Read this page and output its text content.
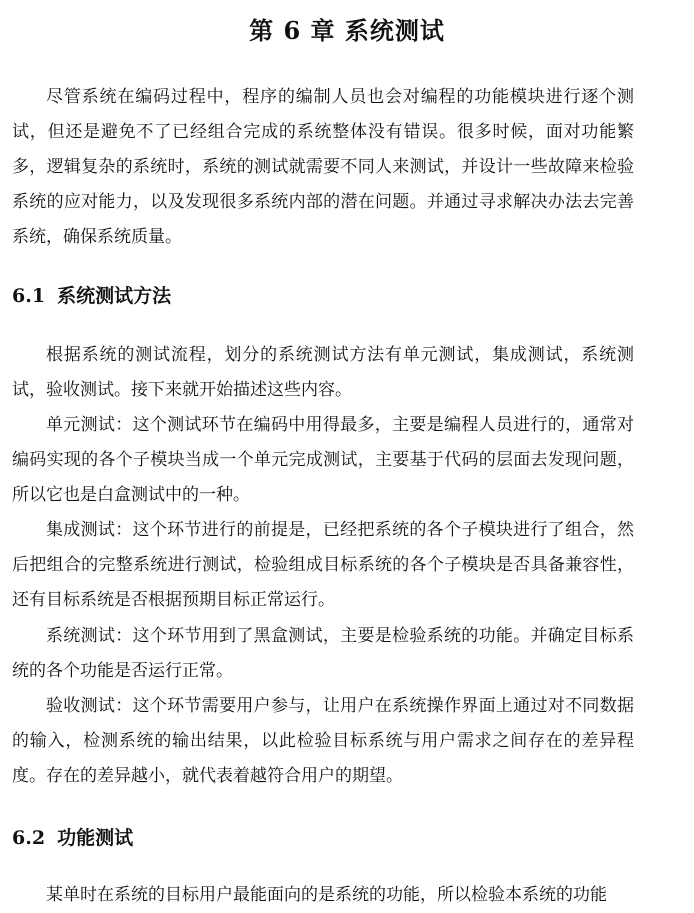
第 6 章 系统测试

尽管系统在编码过程中，程序的编制人员也会对编程的功能模块进行逐个测试，但还是避免不了已经组合完成的系统整体没有错误。很多时候，面对功能繁多，逻辑复杂的系统时，系统的测试就需要不同人来测试，并设计一些故障来检验系统的应对能力，以及发现很多系统内部的潜在问题。并通过寻求解决办法去完善系统，确保系统质量。

6.1 系统测试方法

根据系统的测试流程，划分的系统测试方法有单元测试，集成测试，系统测试，验收测试。接下来就开始描述这些内容。

单元测试：这个测试环节在编码中用得最多，主要是编程人员进行的，通常对编码实现的各个子模块当成一个单元完成测试，主要基于代码的层面去发现问题，所以它也是白盒测试中的一种。

集成测试：这个环节进行的前提是，已经把系统的各个子模块进行了组合，然后把组合的完整系统进行测试，检验组成目标系统的各个子模块是否具备兼容性，还有目标系统是否根据预期目标正常运行。

系统测试：这个环节用到了黑盒测试，主要是检验系统的功能。并确定目标系统的各个功能是否运行正常。

验收测试：这个环节需要用户参与，让用户在系统操作界面上通过对不同数据的输入，检测系统的输出结果，以此检验目标系统与用户需求之间存在的差异程度。存在的差异越小，就代表着越符合用户的期望。

6.2 功能测试

某单时在系统的目标用户最能面向的是系统的功能，所以检验本系统的功能
